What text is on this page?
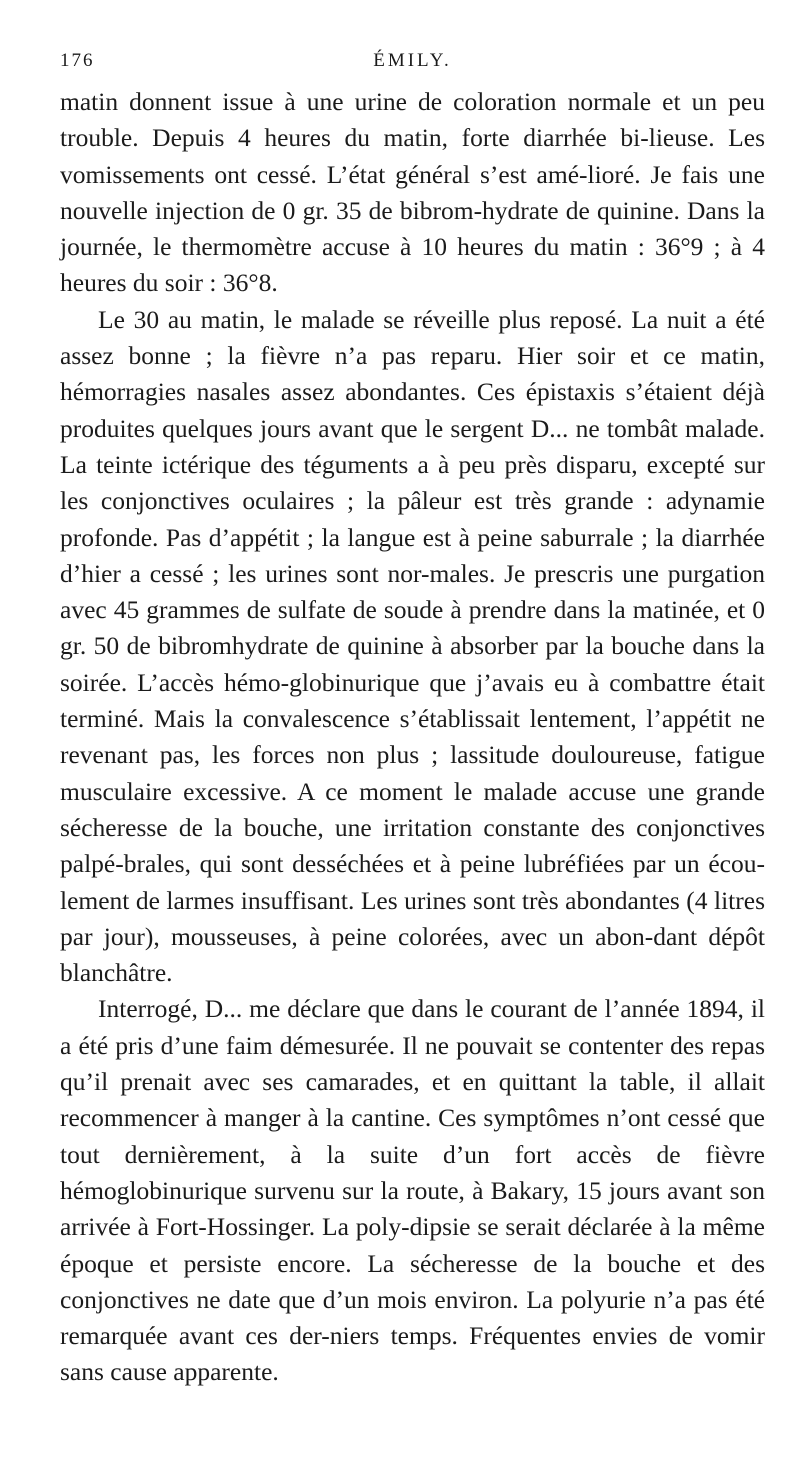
176	ÉMILY.

matin donnent issue à une urine de coloration normale et un peu trouble. Depuis 4 heures du matin, forte diarrhée bi-lieuse. Les vomissements ont cessé. L’état général s’est amé-lioré. Je fais une nouvelle injection de 0 gr. 35 de bibrom-hydrate de quinine. Dans la journée, le thermomètre accuse à 10 heures du matin : 36°9 ; à 4 heures du soir : 36°8.

Le 30 au matin, le malade se réveille plus reposé. La nuit a été assez bonne ; la fièvre n’a pas reparu. Hier soir et ce matin, hémorragies nasales assez abondantes. Ces épistaxis s’étaient déjà produites quelques jours avant que le sergent D... ne tombât malade. La teinte ictérique des téguments a à peu près disparu, excepté sur les conjonctives oculaires ; la pâleur est très grande : adynamie profonde. Pas d’appétit ; la langue est à peine saburrale ; la diarrhée d’hier a cessé ; les urines sont nor-males. Je prescris une purgation avec 45 grammes de sulfate de soude à prendre dans la matinée, et 0 gr. 50 de bibromhydrate de quinine à absorber par la bouche dans la soirée. L’accès hémo-globinurique que j’avais eu à combattre était terminé. Mais la convalescence s’établissait lentement, l’appétit ne revenant pas, les forces non plus ; lassitude douloureuse, fatigue musculaire excessive. A ce moment le malade accuse une grande sécheresse de la bouche, une irritation constante des conjonctives palpé-brales, qui sont desséchées et à peine lubréfiées par un écou-lement de larmes insuffisant. Les urines sont très abondantes (4 litres par jour), mousseuses, à peine colorées, avec un abon-dant dépôt blanchâtre.

Interrogé, D... me déclare que dans le courant de l’année 1894, il a été pris d’une faim démesurée. Il ne pouvait se contenter des repas qu’il prenait avec ses camarades, et en quittant la table, il allait recommencer à manger à la cantine. Ces symptômes n’ont cessé que tout dernièrement, à la suite d’un fort accès de fièvre hémoglobinurique survenu sur la route, à Bakary, 15 jours avant son arrivée à Fort-Hossinger. La poly-dipsie se serait déclarée à la même époque et persiste encore. La sécheresse de la bouche et des conjonctives ne date que d’un mois environ. La polyurie n’a pas été remarquée avant ces der-niers temps. Fréquentes envies de vomir sans cause apparente.
